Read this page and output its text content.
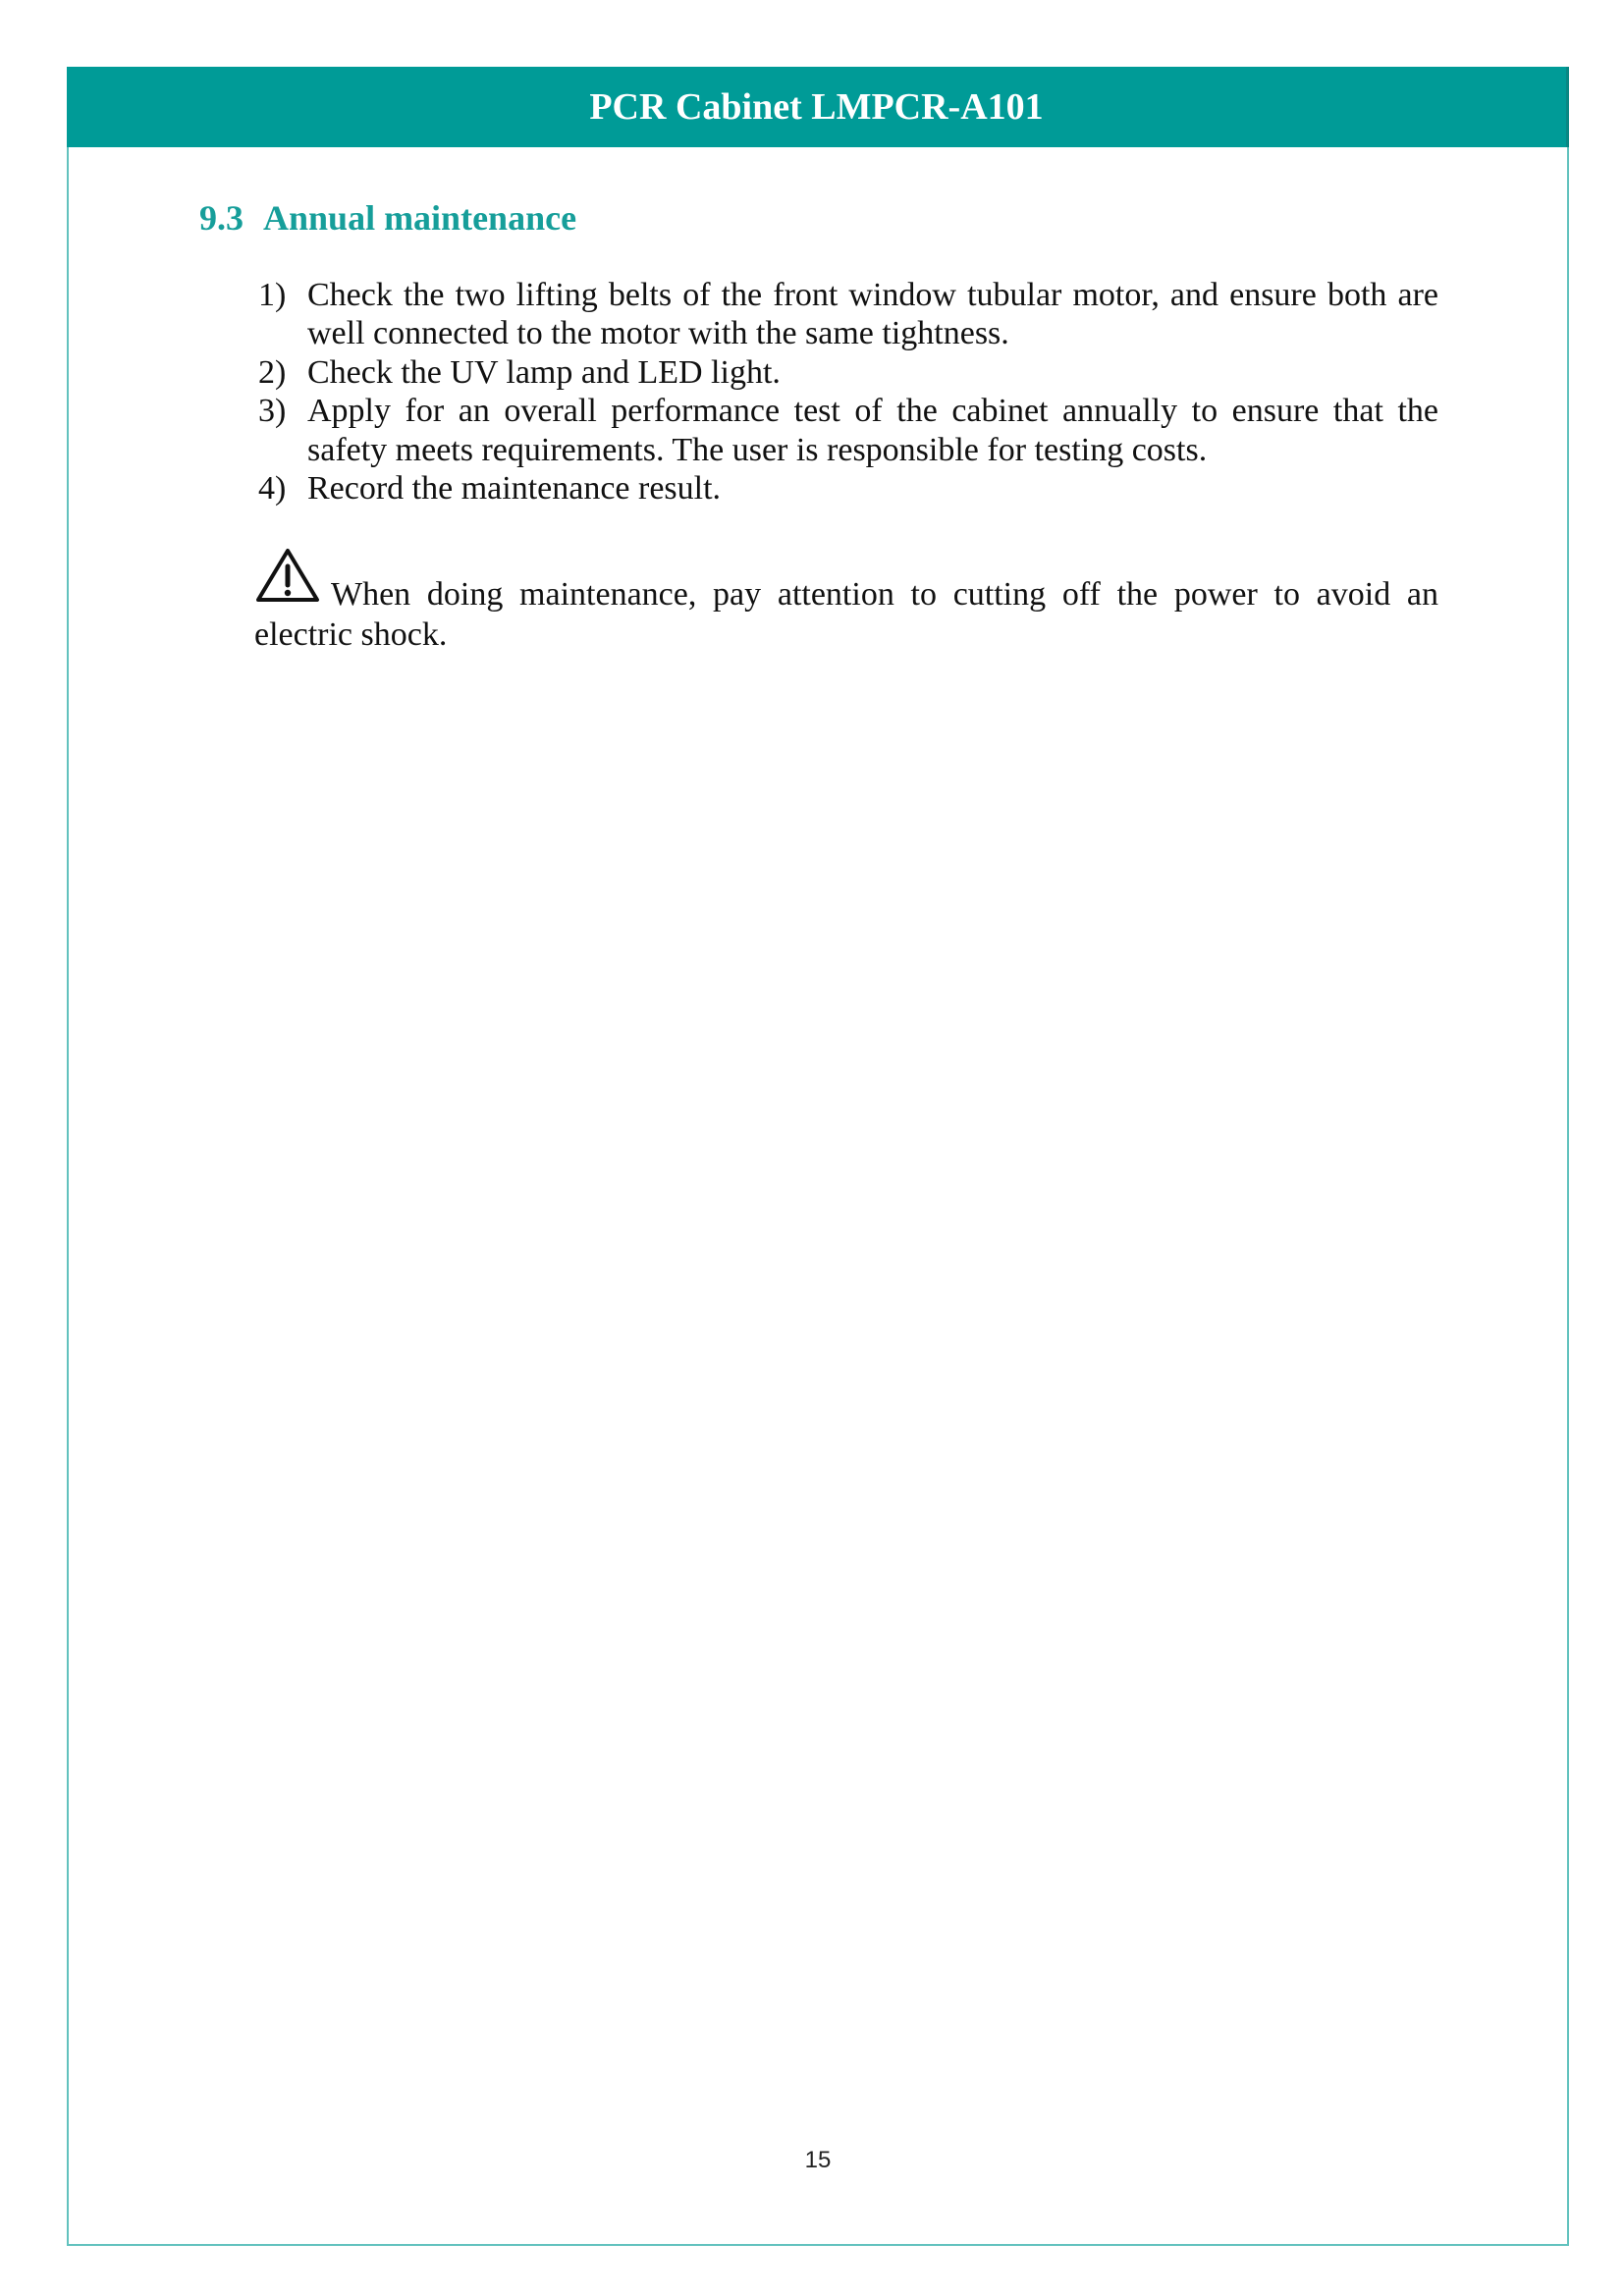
PCR Cabinet LMPCR-A101
9.3 Annual maintenance
1) Check the two lifting belts of the front window tubular motor, and ensure both are well connected to the motor with the same tightness.
2) Check the UV lamp and LED light.
3) Apply for an overall performance test of the cabinet annually to ensure that the safety meets requirements. The user is responsible for testing costs.
4) Record the maintenance result.

When doing maintenance, pay attention to cutting off the power to avoid an electric shock.

15
